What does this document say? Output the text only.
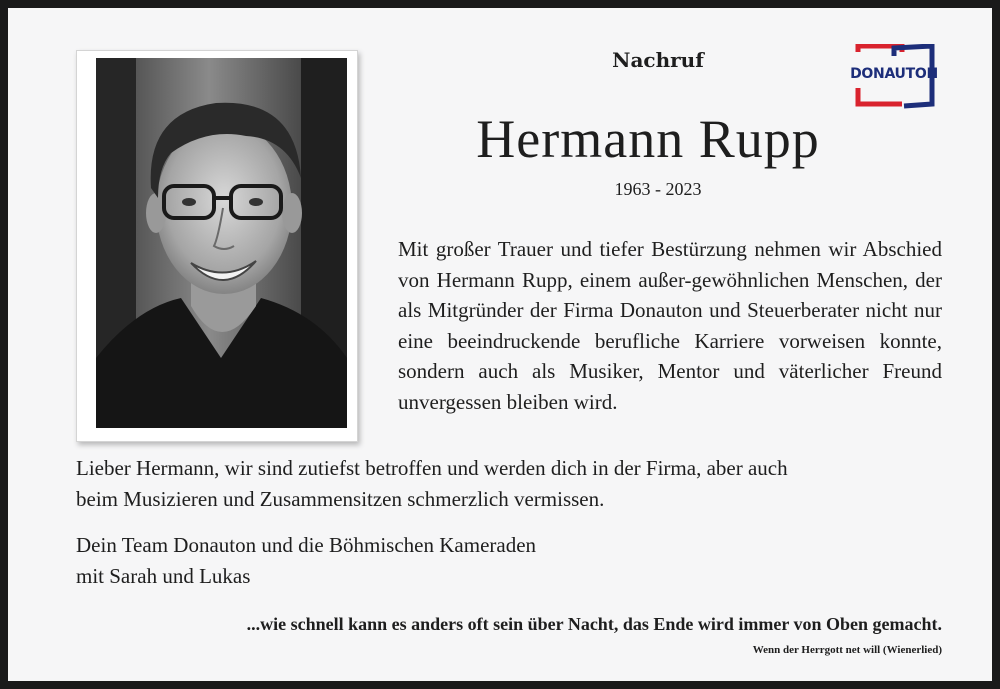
Nachruf
Hermann Rupp
1963 - 2023
DONAUTON
Mit großer Trauer und tiefer Bestürzung nehmen wir Abschied von Hermann Rupp, einem außer-gewöhnlichen Menschen, der als Mitgründer der Firma Donauton und Steuerberater nicht nur eine beeindruckende berufliche Karriere vorweisen konnte, sondern auch als Musiker, Mentor und väterlicher Freund unvergessen bleiben wird.
Lieber Hermann, wir sind zutiefst betroffen und werden dich in der Firma, aber auch
beim Musizieren und Zusammensitzen schmerzlich vermissen.
Dein Team Donauton und die Böhmischen Kameraden
mit Sarah und Lukas
...wie schnell kann es anders oft sein über Nacht, das Ende wird immer von Oben gemacht.
Wenn der Herrgott net will (Wienerlied)
